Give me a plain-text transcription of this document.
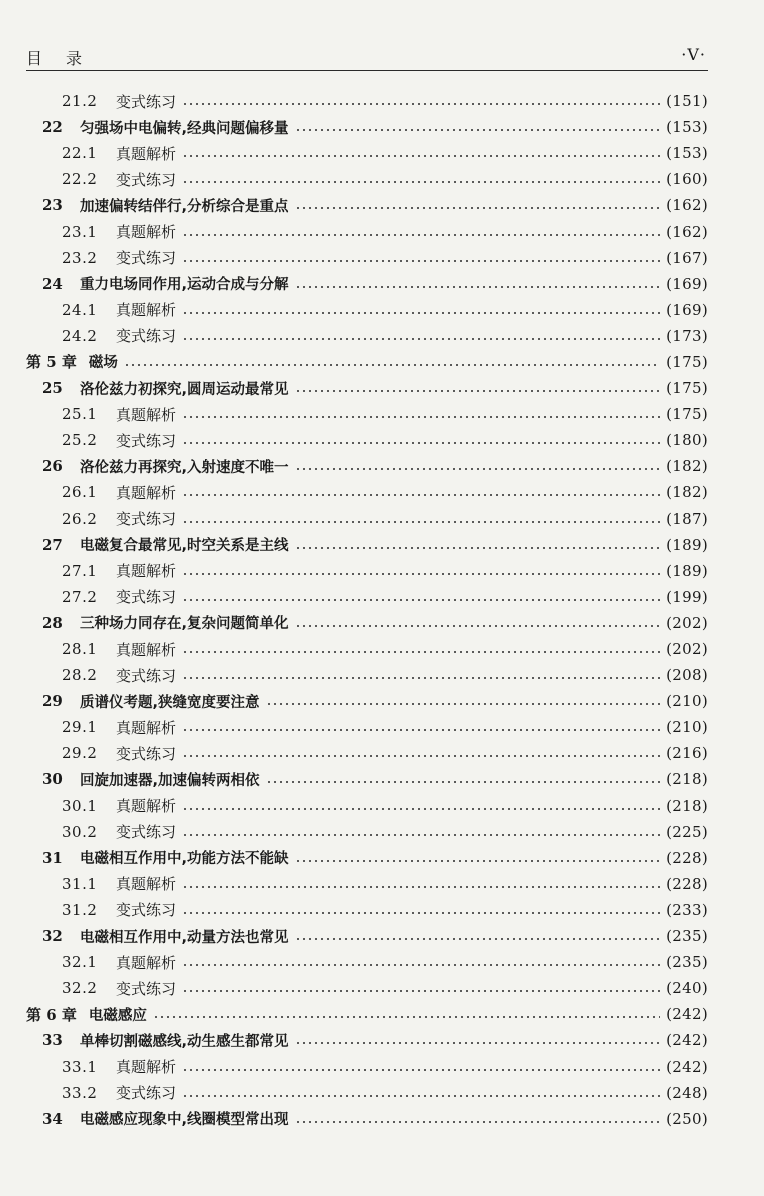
目 录	·Ⅴ·
21.2 变式练习	(151)
22	匀强场中电偏转,经典问题偏移量	(153)
22.1 真题解析	(153)
22.2 变式练习	(160)
23	加速偏转结伴行,分析综合是重点	(162)
23.1 真题解析	(162)
23.2 变式练习	(167)
24	重力电场同作用,运动合成与分解	(169)
24.1 真题解析	(169)
24.2 变式练习	(173)
第 5 章 磁场	(175)
25	洛伦兹力初探究,圆周运动最常见	(175)
25.1 真题解析	(175)
25.2 变式练习	(180)
26	洛伦兹力再探究,入射速度不唯一	(182)
26.1 真题解析	(182)
26.2 变式练习	(187)
27	电磁复合最常见,时空关系是主线	(189)
27.1 真题解析	(189)
27.2 变式练习	(199)
28	三种场力同存在,复杂问题简单化	(202)
28.1 真题解析	(202)
28.2 变式练习	(208)
29	质谱仪考题,狭缝宽度要注意	(210)
29.1 真题解析	(210)
29.2 变式练习	(216)
30	回旋加速器,加速偏转两相依	(218)
30.1 真题解析	(218)
30.2 变式练习	(225)
31	电磁相互作用中,功能方法不能缺	(228)
31.1 真题解析	(228)
31.2 变式练习	(233)
32	电磁相互作用中,动量方法也常见	(235)
32.1 真题解析	(235)
32.2 变式练习	(240)
第 6 章 电磁感应	(242)
33	单棒切割磁感线,动生感生都常见	(242)
33.1 真题解析	(242)
33.2 变式练习	(248)
34	电磁感应现象中,线圈模型常出现	(250)
